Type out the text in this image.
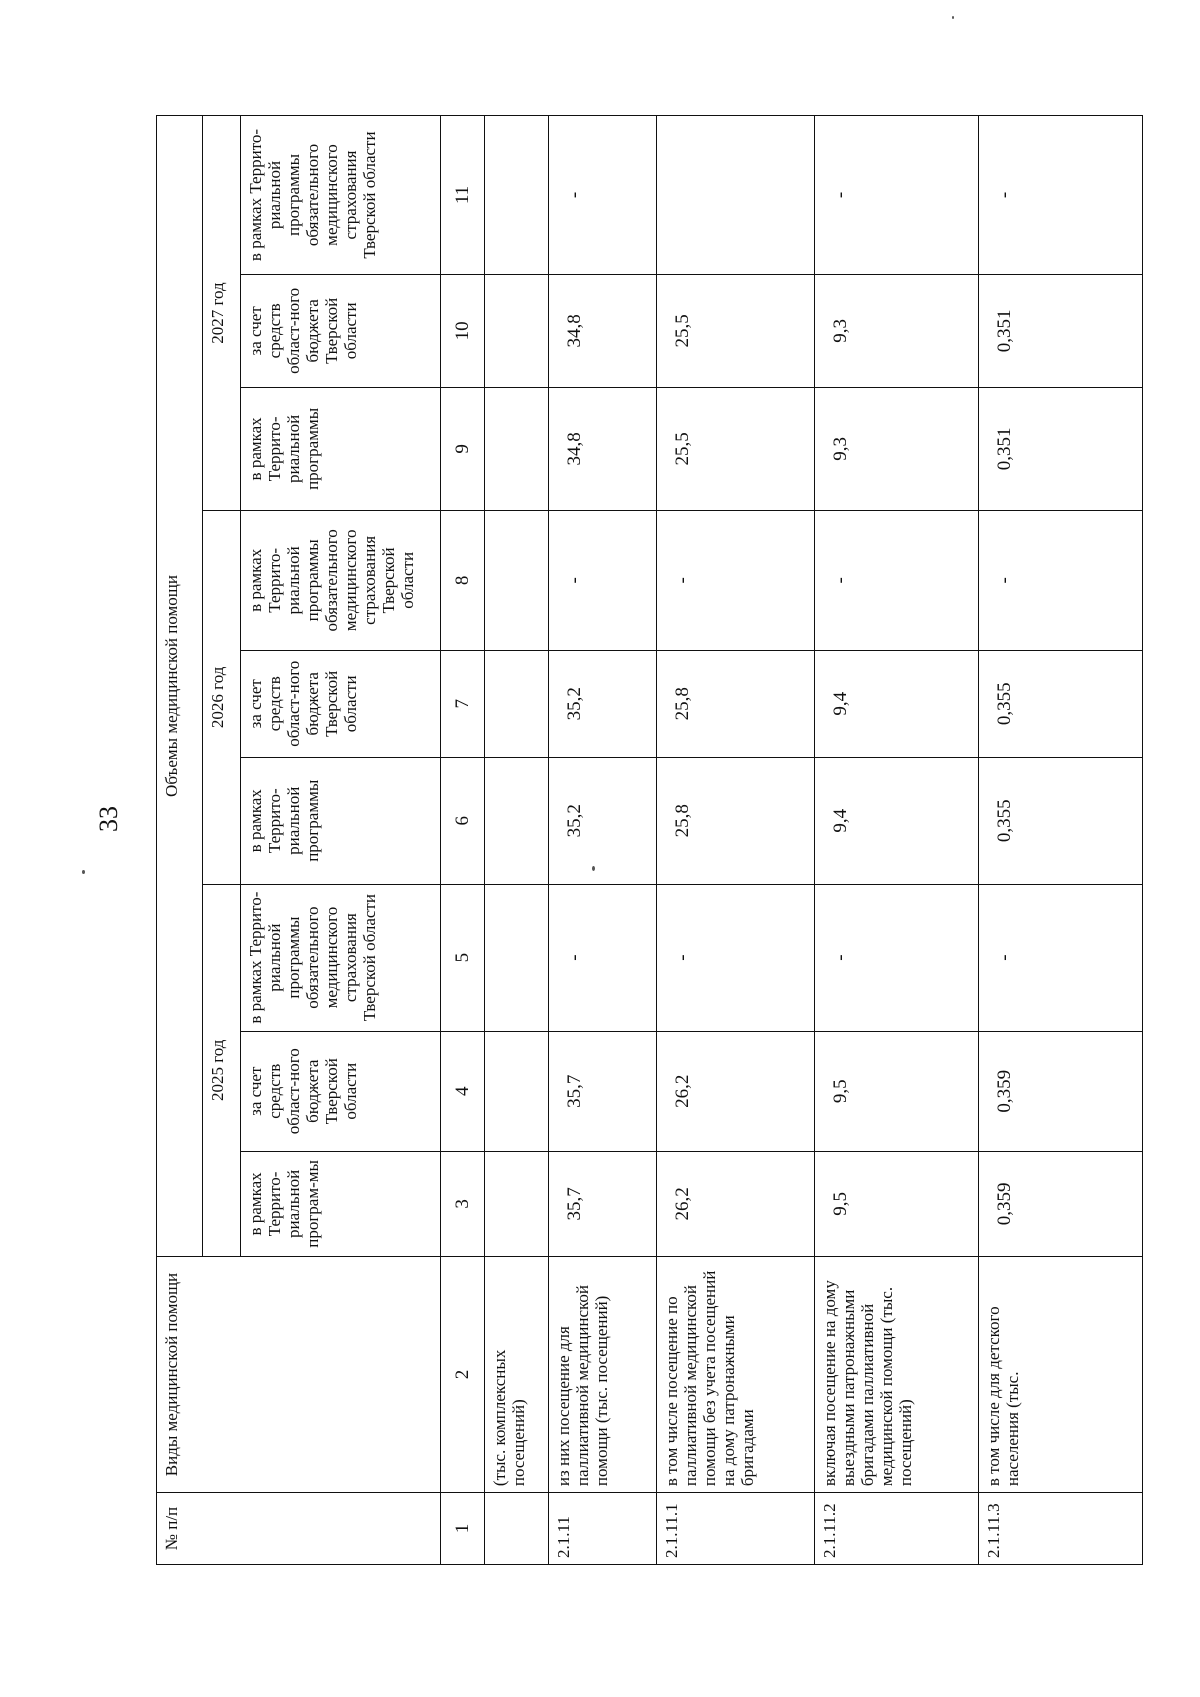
33
№ п/п	Виды медицинской помощи	Объемы медицинской помощи								
		2025 год			2026 год			2027 год		
		в рамках Террито-риальной програм-мы	за счет средств област-ного бюджета Тверской области	в рамках Террито-риальной программы обязательного медицинского страхования Тверской области	в рамках Террито-риальной программы	за счет средств област-ного бюджета Тверской области	в рамках Террито-риальной программы обязательного медицинского страхования Тверской области	в рамках Террито-риальной программы	за счет средств област-ного бюджета Тверской области	в рамках Террито-риальной программы обязательного медицинского страхования Тверской области
1	2	3	4	5	6	7	8	9	10	11
	(тыс. комплексных посещений)									
2.1.11	из них посещение для паллиативной медицинской помощи (тыс. посещений)	35,7	35,7	-	35,2	35,2	-	34,8	34,8	-
2.1.11.1	в том числе посещение по паллиативной медицинской помощи без учета посещений на дому патронажными бригадами	26,2	26,2	-	25,8	25,8	-	25,5	25,5	
2.1.11.2	включая посещение на дому выездными патронажными бригадами паллиативной медицинской помощи (тыс. посещений)	9,5	9,5	-	9,4	9,4	-	9,3	9,3	-
2.1.11.3	в том числе для детского населения (тыс.	0,359	0,359	-	0,355	0,355	-	0,351	0,351	-
